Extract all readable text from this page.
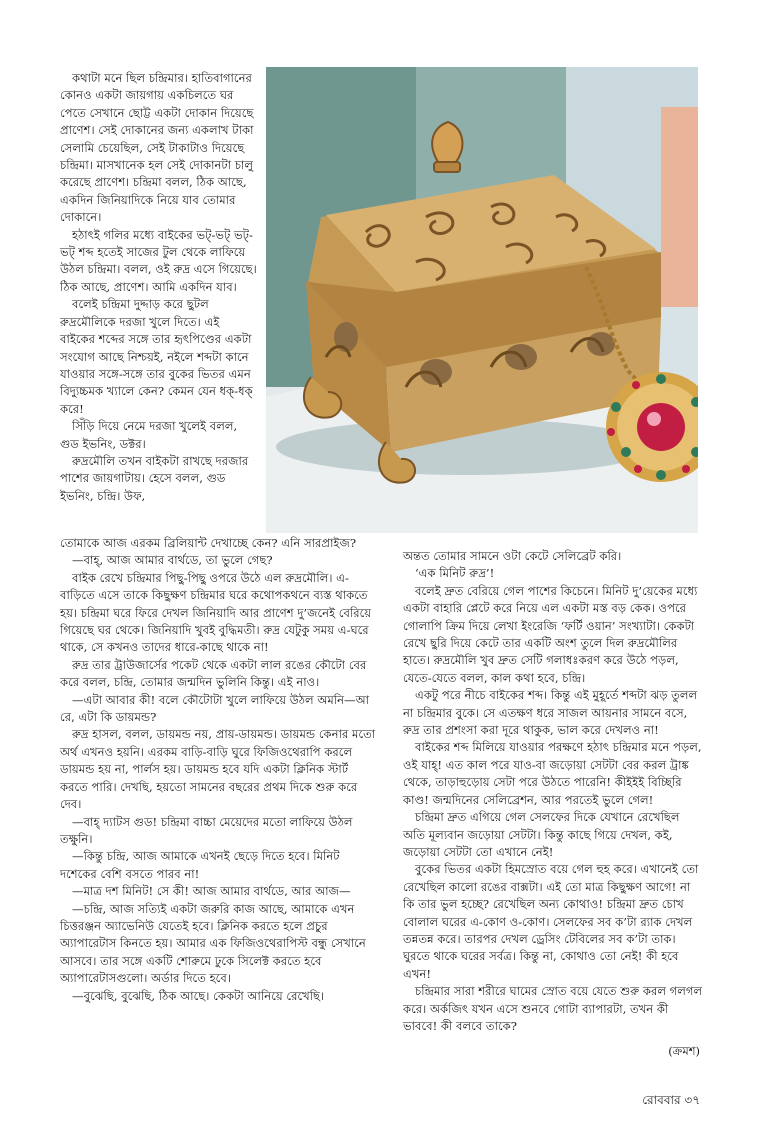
কথাটা মনে ছিল চন্দ্রিমার। হাতিবাগানের কোনও একটা জায়গায় একচিলতে ঘর পেতে সেখানে ছোট্ট একটা দোকান দিয়েছে প্রাণেশ। সেই দোকানের জন্য একলাখ টাকা সেলামি চেয়েছিল, সেই টাকাটাও দিয়েছে চন্দ্রিমা। মাসখানেক হল সেই দোকানটা চালু করেছে প্রাণেশ। চন্দ্রিমা বলল, ঠিক আছে, একদিন জিনিয়াদিকে নিয়ে যাব তোমার দোকানে।

হঠাৎই গলির মধ্যে বাইকের ভট্‌-ভট্‌ ভট্‌-ভট্‌ শব্দ হতেই সাজের টুল থেকে লাফিয়ে উঠল চন্দ্রিমা। বলল, ওই রুদ্র এসে গিয়েছে। ঠিক আছে, প্রাণেশ। আমি একদিন যাব।

বলেই চন্দ্রিমা দুদ্দাড় করে ছুটল রুদ্রমৌলিকে দরজা খুলে দিতে। এই বাইকের শব্দের সঙ্গে তার হৃৎপিণ্ডের একটা সংযোগ আছে নিশ্চয়ই, নইলে শব্দটা কানে যাওয়ার সঙ্গে-সঙ্গে তার বুকের ভিতর এমন বিদ্যুচ্চমক খ্যালে কেন? কেমন যেন ধক্‌-ধক্‌ করে!

সিঁড়ি দিয়ে নেমে দরজা খুলেই বলল, গুড ইভনিং, ডক্টর।

রুদ্রমৌলি তখন বাইকটা রাখছে দরজার পাশের জায়গাটায়। হেসে বলল, গুড ইভনিং, চন্দ্রি। উফ,

তোমাকে আজ এরকম ব্রিলিয়ান্ট দেখাচ্ছে কেন? এনি সারপ্রাইজ?

—বাহ্‌, আজ আমার বার্থডে, তা ভুলে গেছ?

বাইক রেখে চন্দ্রিমার পিছু-পিছু ওপরে উঠে এল রুদ্রমৌলি। এ-বাড়িতে এসে তাকে কিছুক্ষণ চন্দ্রিমার ঘরে কথোপকথনে ব্যস্ত থাকতে হয়। চন্দ্রিমা ঘরে ফিরে দেখল জিনিয়াদি আর প্রাণেশ দু’জনেই বেরিয়ে গিয়েছে ঘর থেকে। জিনিয়াদি খুবই বুদ্ধিমতী। রুদ্র যেটুকু সময় এ-ঘরে থাকে, সে কখনও তাদের ধারে-কাছে থাকে না!

রুদ্র তার ট্রাউজার্সের পকেট থেকে একটা লাল রঙের কৌটো বের করে বলল, চন্দ্রি, তোমার জন্মদিন ভুলিনি কিন্তু। এই নাও।

—এটা আবার কী! বলে কৌটোটা খুলে লাফিয়ে উঠল অমনি—আ রে, এটা কি ডায়মন্ড?

রুদ্র হাসল, বলল, ডায়মন্ড নয়, প্রায়-ডায়মন্ড। ডায়মন্ড কেনার মতো অর্থ এখনও হয়নি। এরকম বাড়ি-বাড়ি ঘুরে ফিজিওথেরাপি করলে ডায়মন্ড হয় না, পার্লস হয়। ডায়মন্ড হবে যদি একটা ক্লিনিক স্টার্ট করতে পারি। দেখছি, হয়তো সামনের বছরের প্রথম দিকে শুরু করে দেব।

—বাহ্‌ দ্যাটস গুড! চন্দ্রিমা বাচ্চা মেয়েদের মতো লাফিয়ে উঠল তক্ষুনি।

—কিন্তু চন্দ্রি, আজ আমাকে এখনই ছেড়ে দিতে হবে। মিনিট দশেকের বেশি বসতে পারব না!

—মাত্র দশ মিনিট! সে কী! আজ আমার বার্থডে, আর আজ—

—চন্দ্রি, আজ সত্যিই একটা জরুরি কাজ আছে, আমাকে এখন চিত্তরঞ্জন অ্যাভেনিউ যেতেই হবে। ক্লিনিক করতে হলে প্রচুর অ্যাপারেটাস কিনতে হয়। আমার এক ফিজিওথেরাপিস্ট বন্ধু সেখানে আসবে। তার সঙ্গে একটি শোরুমে ঢুকে সিলেক্ট করতে হবে অ্যাপারেটাসগুলো। অর্ডার দিতে হবে।

—বুঝেছি, বুঝেছি, ঠিক আছে। কেকটা আনিয়ে রেখেছি।

অন্তত তোমার সামনে ওটা কেটে সেলিব্রেট করি।

‘এক মিনিট রুদ্র’!

বলেই দ্রুত বেরিয়ে গেল পাশের কিচেনে। মিনিট দু’য়েকের মধ্যে একটা বাহারি প্লেটে করে নিয়ে এল একটা মস্ত বড় কেক। ওপরে গোলাপি ক্রিম দিয়ে লেখা ইংরেজি ‘ফর্টি ওয়ান’ সংখ্যাটা। কেকটা রেখে ছুরি দিয়ে কেটে তার একটি অংশ তুলে দিল রুদ্রমৌলির হাতে। রুদ্রমৌলি খুব দ্রুত সেটি গলাধঃকরণ করে উঠে পড়ল, যেতে-যেতে বলল, কাল কথা হবে, চন্দ্রি।

একটু পরে নীচে বাইকের শব্দ। কিন্তু এই মুহূর্তে শব্দটা ঝড় তুলল না চন্দ্রিমার বুকে। সে এতক্ষণ ধরে সাজল আয়নার সামনে বসে, রুদ্র তার প্রশংসা করা দূরে থাকুক, ভাল করে দেখলও না!

বাইকের শব্দ মিলিয়ে যাওয়ার পরক্ষণে হঠাৎ চন্দ্রিমার মনে পড়ল, ওই যাহ্‌! এত কাল পরে যাও-বা জড়োয়া সেটটা বের করল ট্রাঙ্ক থেকে, তাড়াহুড়োয় সেটা পরে উঠতে পারেনি! কীইইই বিচ্ছিরি কাণ্ড! জন্মদিনের সেলিব্রেশন, আর পরতেই ভুলে গেল!

চন্দ্রিমা দ্রুত এগিয়ে গেল সেলফের দিকে যেখানে রেখেছিল অতি মূল্যবান জড়োয়া সেটটা। কিন্তু কাছে গিয়ে দেখল, কই, জড়োয়া সেটটা তো এখানে নেই!

বুকের ভিতর একটা হিমস্রোত বয়ে গেল হুহ করে। এখানেই তো রেখেছিল কালো রঙের বাক্সটা। এই তো মাত্র কিছুক্ষণ আগে! না কি তার ভুল হচ্ছে? রেখেছিল অন্য কোথাও! চন্দ্রিমা দ্রুত চোখ বোলাল ঘরের এ-কোণ ও-কোণ। সেলফের সব ক’টা র‍্যাক দেখল তন্নতন্ন করে। তারপর দেখল ড্রেসিং টেবিলের সব ক’টা তাক। ঘুরতে থাকে ঘরের সর্বত্র। কিন্তু না, কোথাও তো নেই! কী হবে এখন!

চন্দ্রিমার সারা শরীরে ঘামের স্রোত বয়ে যেতে শুরু করল গলগল করে। অর্কজিৎ যখন এসে শুনবে গোটা ব্যাপারটা, তখন কী ভাববে! কী বলবে তাকে?

(ক্রমশ)
রোববার ৩৭
